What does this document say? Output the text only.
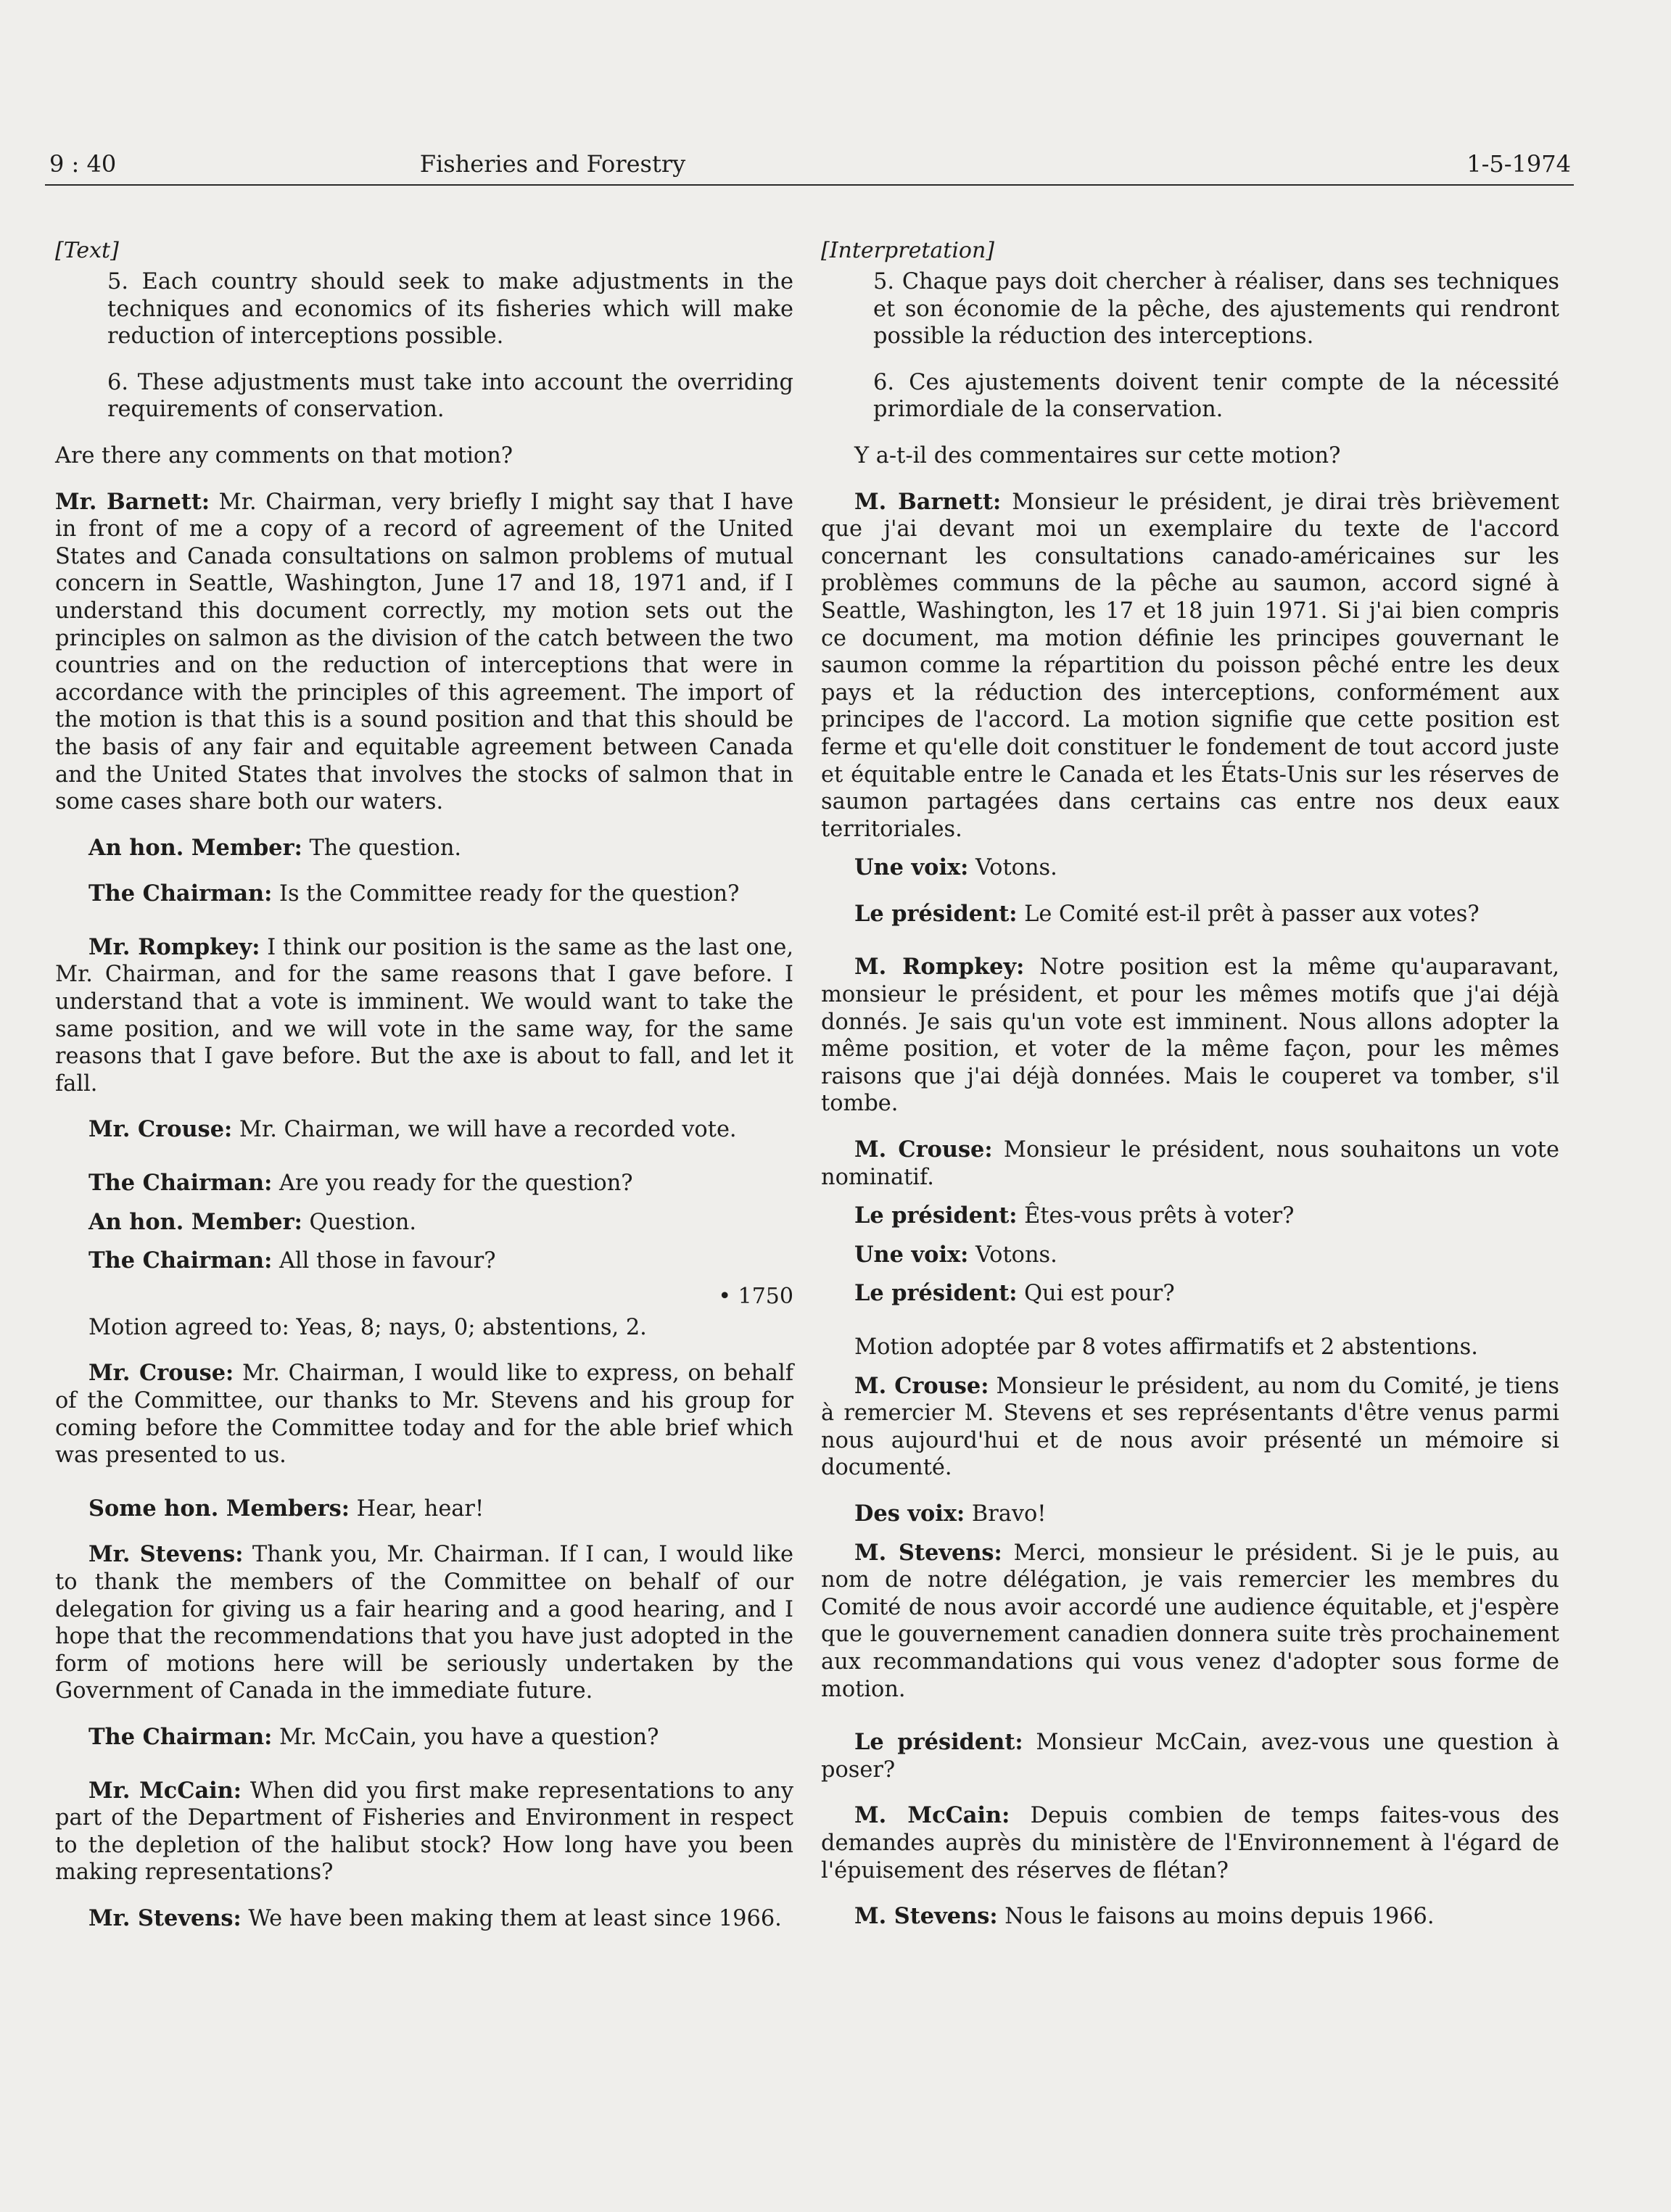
9 : 40	Fisheries and Forestry	1-5-1974
[Text]

5. Each country should seek to make adjustments in the techniques and economics of its fisheries which will make reduction of interceptions possible.

6. These adjustments must take into account the overriding requirements of conservation.

Are there any comments on that motion?

Mr. Barnett: Mr. Chairman, very briefly I might say that I have in front of me a copy of a record of agreement of the United States and Canada consultations on salmon problems of mutual concern in Seattle, Washington, June 17 and 18, 1971 and, if I understand this document correctly, my motion sets out the principles on salmon as the division of the catch between the two countries and on the reduction of interceptions that were in accordance with the principles of this agreement. The import of the motion is that this is a sound position and that this should be the basis of any fair and equitable agreement between Canada and the United States that involves the stocks of salmon that in some cases share both our waters.

An hon. Member: The question.

The Chairman: Is the Committee ready for the question?

Mr. Rompkey: I think our position is the same as the last one, Mr. Chairman, and for the same reasons that I gave before. I understand that a vote is imminent. We would want to take the same position, and we will vote in the same way, for the same reasons that I gave before. But the axe is about to fall, and let it fall.

Mr. Crouse: Mr. Chairman, we will have a recorded vote.

The Chairman: Are you ready for the question?

An hon. Member: Question.

The Chairman: All those in favour?

• 1750

Motion agreed to: Yeas, 8; nays, 0; abstentions, 2.

Mr. Crouse: Mr. Chairman, I would like to express, on behalf of the Committee, our thanks to Mr. Stevens and his group for coming before the Committee today and for the able brief which was presented to us.

Some hon. Members: Hear, hear!

Mr. Stevens: Thank you, Mr. Chairman. If I can, I would like to thank the members of the Committee on behalf of our delegation for giving us a fair hearing and a good hearing, and I hope that the recommendations that you have just adopted in the form of motions here will be seriously undertaken by the Government of Canada in the immediate future.

The Chairman: Mr. McCain, you have a question?

Mr. McCain: When did you first make representations to any part of the Department of Fisheries and Environment in respect to the depletion of the halibut stock? How long have you been making representations?

Mr. Stevens: We have been making them at least since 1966.

[Interpretation]

5. Chaque pays doit chercher à réaliser, dans ses techniques et son économie de la pêche, des ajustements qui rendront possible la réduction des interceptions.

6. Ces ajustements doivent tenir compte de la nécessité primordiale de la conservation.

Y a-t-il des commentaires sur cette motion?

M. Barnett: Monsieur le président, je dirai très brièvement que j'ai devant moi un exemplaire du texte de l'accord concernant les consultations canado-américaines sur les problèmes communs de la pêche au saumon, accord signé à Seattle, Washington, les 17 et 18 juin 1971. Si j'ai bien compris ce document, ma motion définie les principes gouvernant le saumon comme la répartition du poisson pêché entre les deux pays et la réduction des interceptions, conformément aux principes de l'accord. La motion signifie que cette position est ferme et qu'elle doit constituer le fondement de tout accord juste et équitable entre le Canada et les États-Unis sur les réserves de saumon partagées dans certains cas entre nos deux eaux territoriales.

Une voix: Votons.

Le président: Le Comité est-il prêt à passer aux votes?

M. Rompkey: Notre position est la même qu'auparavant, monsieur le président, et pour les mêmes motifs que j'ai déjà donnés. Je sais qu'un vote est imminent. Nous allons adopter la même position, et voter de la même façon, pour les mêmes raisons que j'ai déjà données. Mais le couperet va tomber, s'il tombe.

M. Crouse: Monsieur le président, nous souhaitons un vote nominatif.

Le président: Êtes-vous prêts à voter?

Une voix: Votons.

Le président: Qui est pour?

Motion adoptée par 8 votes affirmatifs et 2 abstentions.

M. Crouse: Monsieur le président, au nom du Comité, je tiens à remercier M. Stevens et ses représentants d'être venus parmi nous aujourd'hui et de nous avoir présenté un mémoire si documenté.

Des voix: Bravo!

M. Stevens: Merci, monsieur le président. Si je le puis, au nom de notre délégation, je vais remercier les membres du Comité de nous avoir accordé une audience équitable, et j'espère que le gouvernement canadien donnera suite très prochainement aux recommandations qui vous venez d'adopter sous forme de motion.

Le président: Monsieur McCain, avez-vous une question à poser?

M. McCain: Depuis combien de temps faites-vous des demandes auprès du ministère de l'Environnement à l'égard de l'épuisement des réserves de flétan?

M. Stevens: Nous le faisons au moins depuis 1966.
